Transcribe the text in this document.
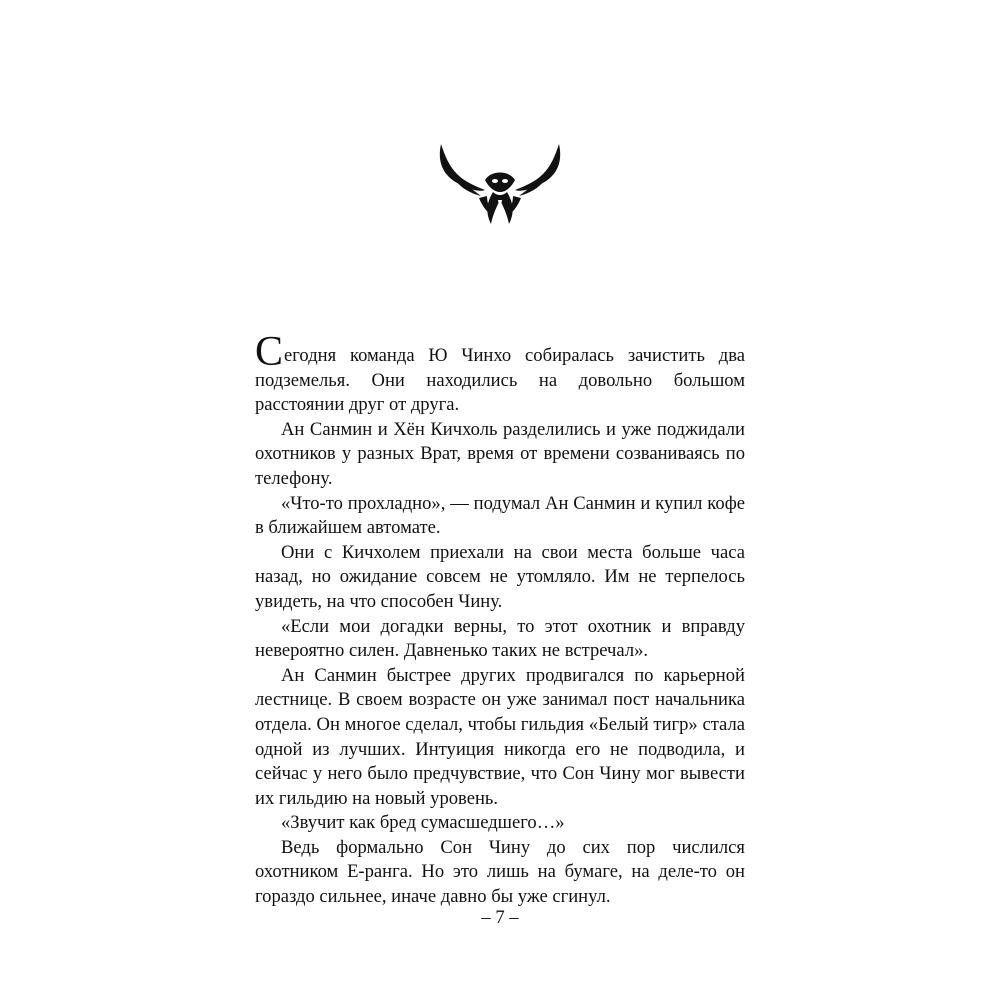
Сегодня команда Ю Чинхо собиралась зачистить два подземелья. Они находились на довольно большом расстоянии друг от друга.

Ан Санмин и Хён Кичхоль разделились и уже поджидали охотников у разных Врат, время от времени созваниваясь по телефону.

«Что-то прохладно», — подумал Ан Санмин и купил кофе в ближайшем автомате.

Они с Кичхолем приехали на свои места больше часа назад, но ожидание совсем не утомляло. Им не терпелось увидеть, на что способен Чину.

«Если мои догадки верны, то этот охотник и вправду невероятно силен. Давненько таких не встречал».

Ан Санмин быстрее других продвигался по карьерной лестнице. В своем возрасте он уже занимал пост начальника отдела. Он многое сделал, чтобы гильдия «Белый тигр» стала одной из лучших. Интуиция никогда его не подводила, и сейчас у него было предчувствие, что Сон Чину мог вывести их гильдию на новый уровень.

«Звучит как бред сумасшедшего…»

Ведь формально Сон Чину до сих пор числился охотником Е-ранга. Но это лишь на бумаге, на деле-то он гораздо сильнее, иначе давно бы уже сгинул.

– 7 –
